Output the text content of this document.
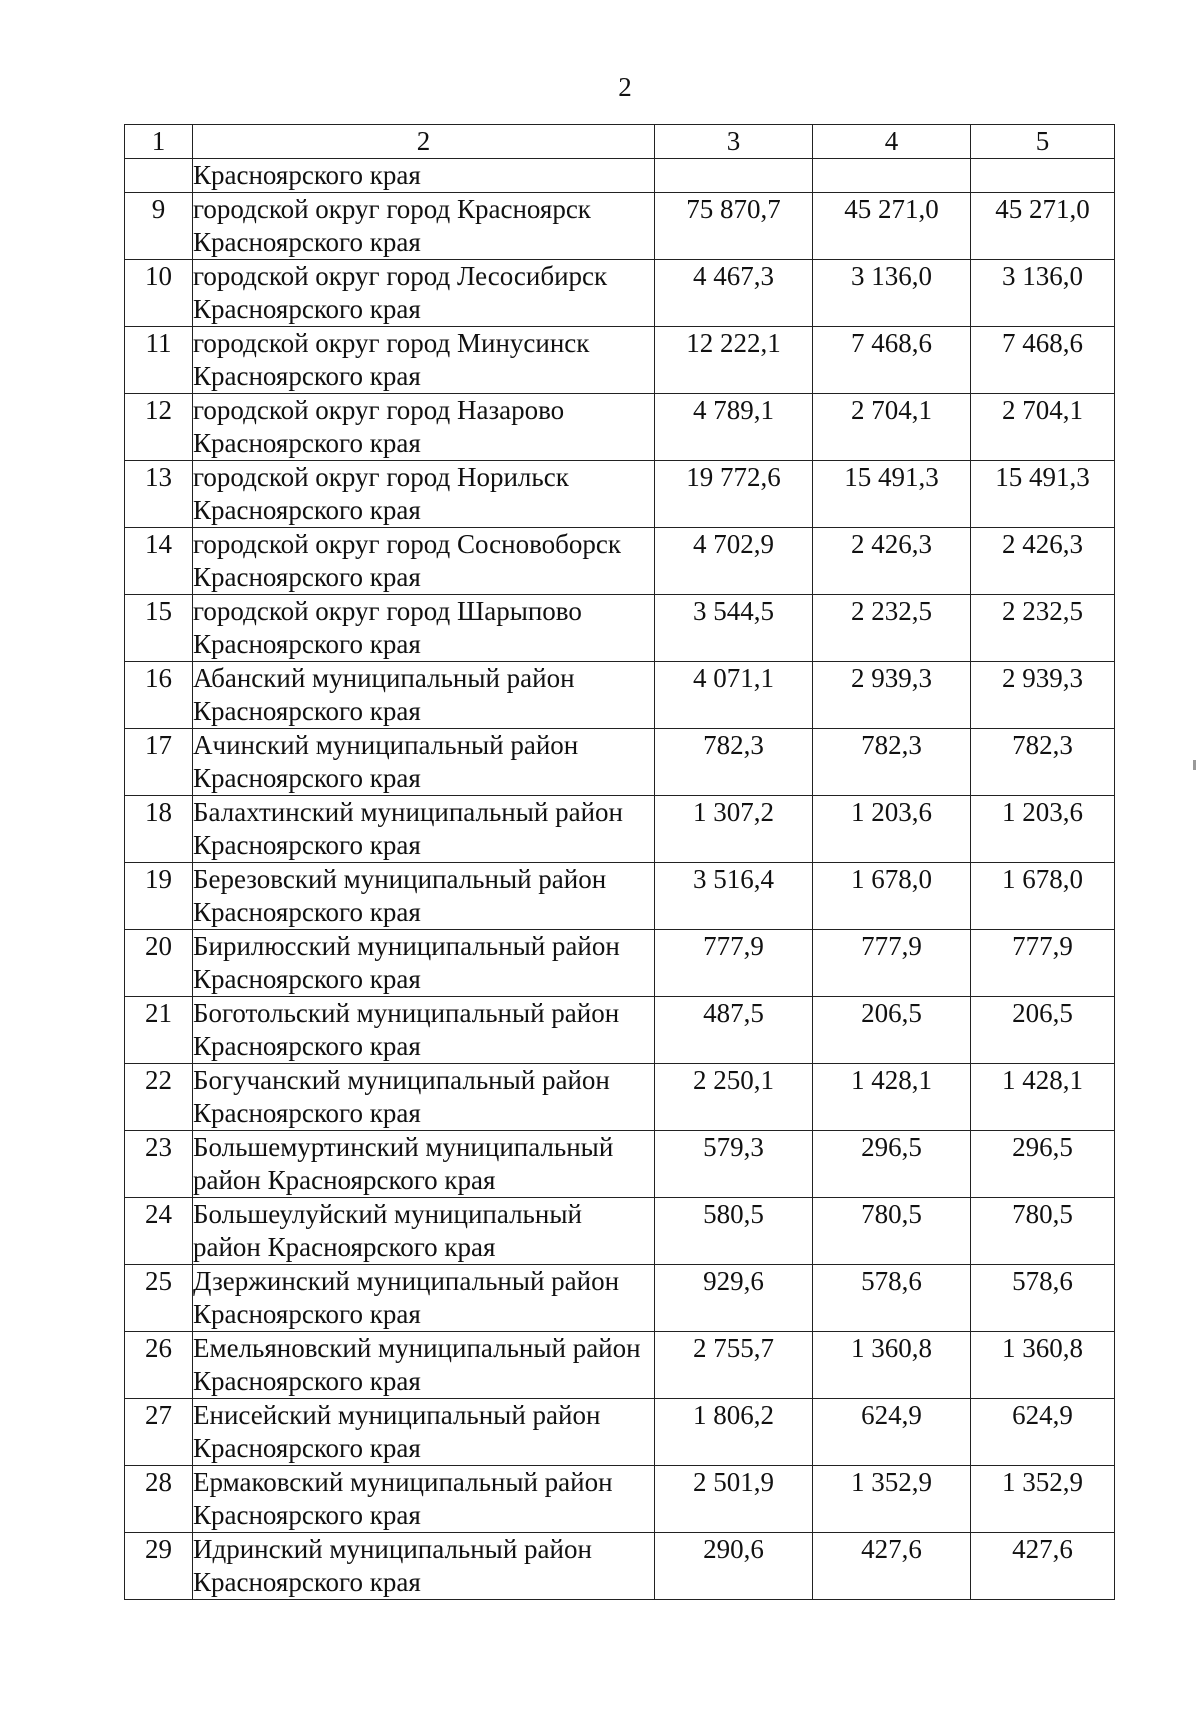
2
1	2	3	4	5
	Красноярского края			
9	городской округ город Красноярск Красноярского края	75 870,7	45 271,0	45 271,0
10	городской округ город Лесосибирск Красноярского края	4 467,3	3 136,0	3 136,0
11	городской округ город Минусинск Красноярского края	12 222,1	7 468,6	7 468,6
12	городской округ город Назарово Красноярского края	4 789,1	2 704,1	2 704,1
13	городской округ город Норильск Красноярского края	19 772,6	15 491,3	15 491,3
14	городской округ город Сосновоборск Красноярского края	4 702,9	2 426,3	2 426,3
15	городской округ город Шарыпово Красноярского края	3 544,5	2 232,5	2 232,5
16	Абанский муниципальный район Красноярского края	4 071,1	2 939,3	2 939,3
17	Ачинский муниципальный район Красноярского края	782,3	782,3	782,3
18	Балахтинский муниципальный район Красноярского края	1 307,2	1 203,6	1 203,6
19	Березовский муниципальный район Красноярского края	3 516,4	1 678,0	1 678,0
20	Бирилюсский муниципальный район Красноярского края	777,9	777,9	777,9
21	Боготольский муниципальный район Красноярского края	487,5	206,5	206,5
22	Богучанский муниципальный район Красноярского края	2 250,1	1 428,1	1 428,1
23	Большемуртинский муниципальный район Красноярского края	579,3	296,5	296,5
24	Большеулуйский муниципальный район Красноярского края	580,5	780,5	780,5
25	Дзержинский муниципальный район Красноярского края	929,6	578,6	578,6
26	Емельяновский муниципальный район Красноярского края	2 755,7	1 360,8	1 360,8
27	Енисейский муниципальный район Красноярского края	1 806,2	624,9	624,9
28	Ермаковский муниципальный район Красноярского края	2 501,9	1 352,9	1 352,9
29	Идринский муниципальный район Красноярского края	290,6	427,6	427,6
